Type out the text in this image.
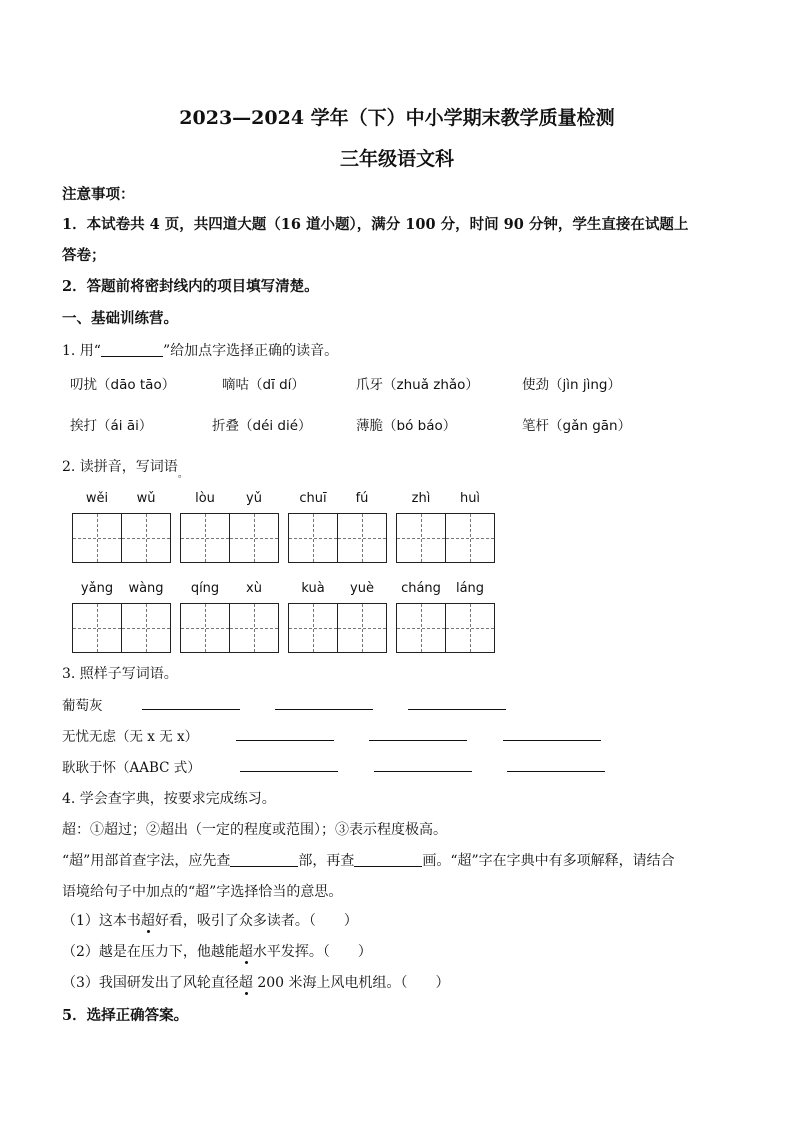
2023—2024 学年（下）中小学期末教学质量检测
三年级语文科
注意事项：
1．本试卷共 4 页，共四道大题（16 道小题），满分 100 分，时间 90 分钟，学生直接在试题上
答卷；
2．答题前将密封线内的项目填写清楚。
一、基础训练营。
1. 用“	”给加点字选择正确的读音。
叨扰（dāo tāo）	嘀咕（dī dí）	爪牙（zhuǎ zhǎo）	使劲（jìn jìng）
挨打（ái āi）	折叠（déi dié）	薄脆（bó báo）	笔杆（gǎn gān）
2. 读拼音，写词语$_。$
wěi	wǔ	lòu	yǔ	chuī	fú	zhì	huì
yǎng	wàng	qíng	xù	kuà	yuè	cháng	láng
3. 照样子写词语。
葡萄灰
无忧无虑（无 x 无 x）
耿耿于怀（AABC 式）
4. 学会查字典，按要求完成练习。
超：①超过；②超出（一定的程度或范围）；③表示程度极高。
“超”用部首查字法，应先查	部，再查	画。“超”字在字典中有多项解释，请结合
语境给句子中加点的“超”字选择恰当的意思。
（1）这本书超好看，吸引了众多读者。（　　）
（2）越是在压力下，他越能超水平发挥。（　　）
（3）我国研发出了风轮直径超 200 米海上风电机组。（　　）
5．选择正确答案。
